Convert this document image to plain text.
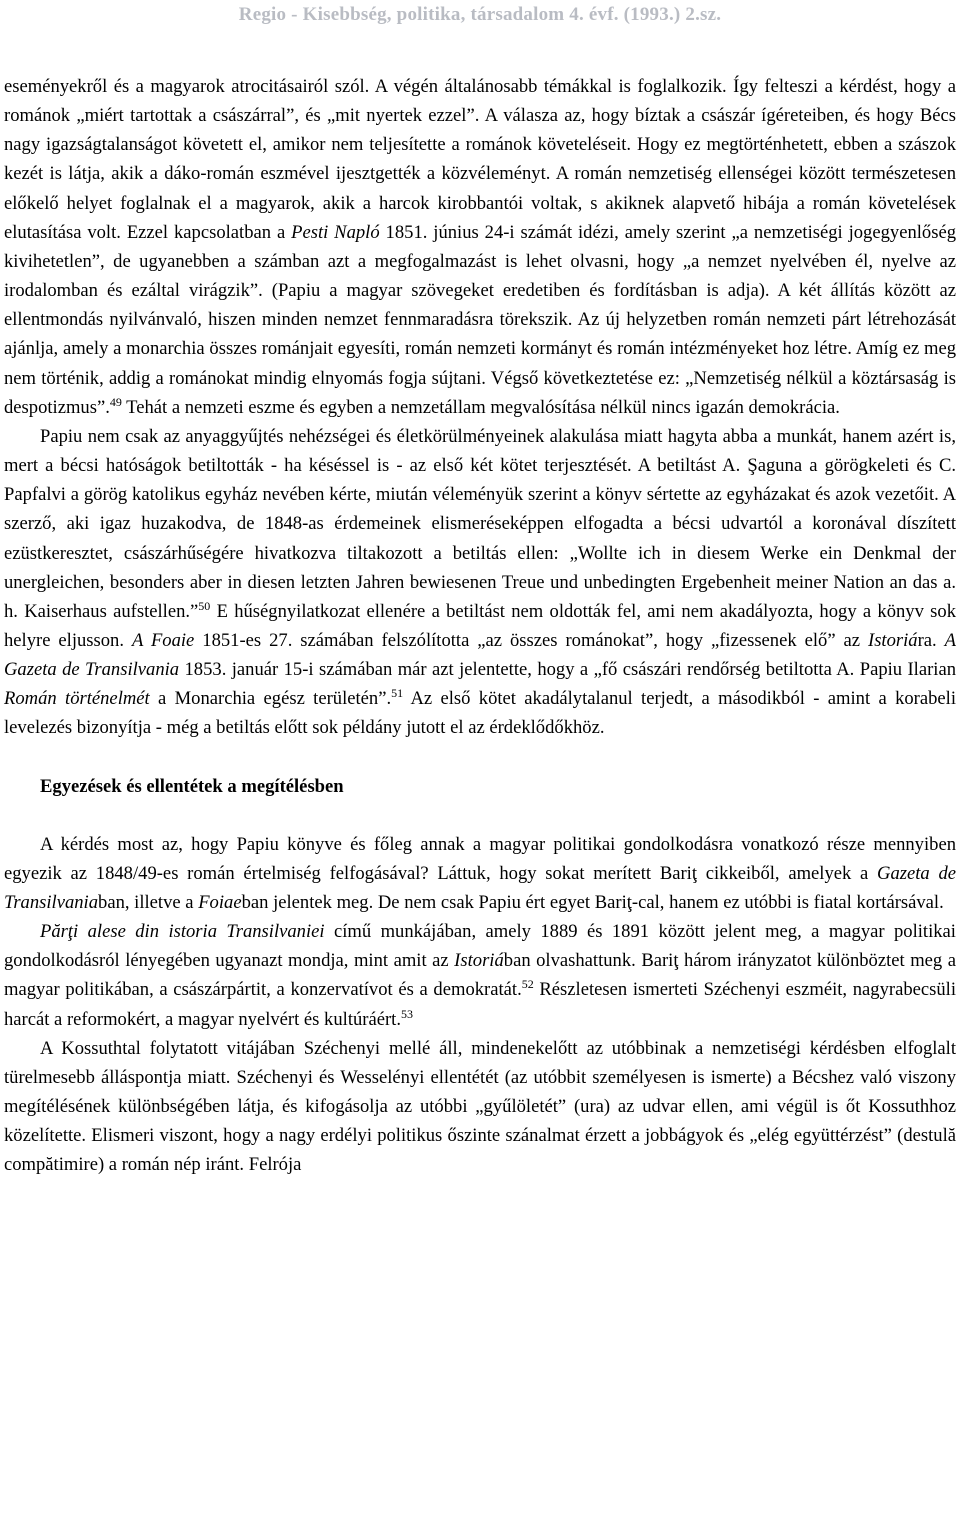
Regio - Kisebbség, politika, társadalom 4. évf. (1993.) 2.sz.

eseményekről és a magyarok atrocitásairól szól. A végén általánosabb témákkal is foglalkozik. Így felteszi a kérdést, hogy a románok „miért tartottak a császárral”, és „mit nyertek ezzel”. A válasza az, hogy bíztak a császár ígéreteiben, és hogy Bécs nagy igazságtalanságot követett el, amikor nem teljesítette a románok követeléseit. Hogy ez megtörténhetett, ebben a szászok kezét is látja, akik a dáko-román eszmével ijesztgették a közvéleményt. A román nemzetiség ellenségei között természetesen előkelő helyet foglalnak el a magyarok, akik a harcok kirobbantói voltak, s akiknek alapvető hibája a román követelések elutasítása volt. Ezzel kapcsolatban a Pesti Napló 1851. június 24-i számát idézi, amely szerint „a nemzetiségi jogegyenlőség kivihetetlen”, de ugyanebben a számban azt a megfogalmazást is lehet olvasni, hogy „a nemzet nyelvében él, nyelve az irodalomban és ezáltal virágzik”. (Papiu a magyar szövegeket eredetiben és fordításban is adja). A két állítás között az ellentmondás nyilvánvaló, hiszen minden nemzet fennmaradásra törekszik. Az új helyzetben román nemzeti párt létrehozását ajánlja, amely a monarchia összes románjait egyesíti, román nemzeti kormányt és román intézményeket hoz létre. Amíg ez meg nem történik, addig a románokat mindig elnyomás fogja sújtani. Végső következtetése ez: „Nemzetiség nélkül a köztársaság is despotizmus”.$^{49}$ Tehát a nemzeti eszme és egyben a nemzetállam megvalósítása nélkül nincs igazán demokrácia.

Papiu nem csak az anyaggyűjtés nehézségei és életkörülményeinek alakulása miatt hagyta abba a munkát, hanem azért is, mert a bécsi hatóságok betiltották - ha késéssel is - az első két kötet terjesztését. A betiltást A. Şaguna a görögkeleti és C. Papfalvi a görög katolikus egyház nevében kérte, miután véleményük szerint a könyv sértette az egyházakat és azok vezetőit. A szerző, aki igaz huzakodva, de 1848-as érdemeinek elismeréseképpen elfogadta a bécsi udvartól a koronával díszített ezüstkeresztet, császárhűségére hivatkozva tiltakozott a betiltás ellen: „Wollte ich in diesem Werke ein Denkmal der unergleichen, besonders aber in diesen letzten Jahren bewiesenen Treue und unbedingten Ergebenheit meiner Nation an das a. h. Kaiserhaus aufstellen.”$^{50}$ E hűségnyilatkozat ellenére a betiltást nem oldották fel, ami nem akadályozta, hogy a könyv sok helyre eljusson. A Foaie 1851-es 27. számában felszólította „az összes románokat”, hogy „fizessenek elő” az Istoriára. A Gazeta de Transilvania 1853. január 15-i számában már azt jelentette, hogy a „fő császári rendőrség betiltotta A. Papiu Ilarian Román történelmét a Monarchia egész területén”.$^{51}$ Az első kötet akadálytalanul terjedt, a másodikból - amint a korabeli levelezés bizonyítja - még a betiltás előtt sok példány jutott el az érdeklődőkhöz.

Egyezések és ellentétek a megítélésben

A kérdés most az, hogy Papiu könyve és főleg annak a magyar politikai gondolkodásra vonatkozó része mennyiben egyezik az 1848/49-es román értelmiség felfogásával? Láttuk, hogy sokat merített Bariţ cikkeiből, amelyek a Gazeta de Transilvaniaban, illetve a Foiaeban jelentek meg. De nem csak Papiu ért egyet Bariţ-cal, hanem ez utóbbi is fiatal kortársával.

Părţi alese din istoria Transilvaniei című munkájában, amely 1889 és 1891 között jelent meg, a magyar politikai gondolkodásról lényegében ugyanazt mondja, mint amit az Istoriában olvashattunk. Bariţ három irányzatot különböztet meg a magyar politikában, a császárpártit, a konzervatívot és a demokratát.$^{52}$ Részletesen ismerteti Széchenyi eszméit, nagyrabecsüli harcát a reformokért, a magyar nyelvért és kultúráért.$^{53}$

A Kossuthtal folytatott vitájában Széchenyi mellé áll, mindenekelőtt az utóbbinak a nemzetiségi kérdésben elfoglalt türelmesebb álláspontja miatt. Széchenyi és Wesselényi ellentétét (az utóbbit személyesen is ismerte) a Bécshez való viszony megítélésének különbségében látja, és kifogásolja az utóbbi „gyűlöletét” (ura) az udvar ellen, ami végül is őt Kossuthhoz közelítette. Elismeri viszont, hogy a nagy erdélyi politikus őszinte szánalmat érzett a jobbágyok és „elég együttérzést” (destulă compătimire) a román nép iránt. Felrója
